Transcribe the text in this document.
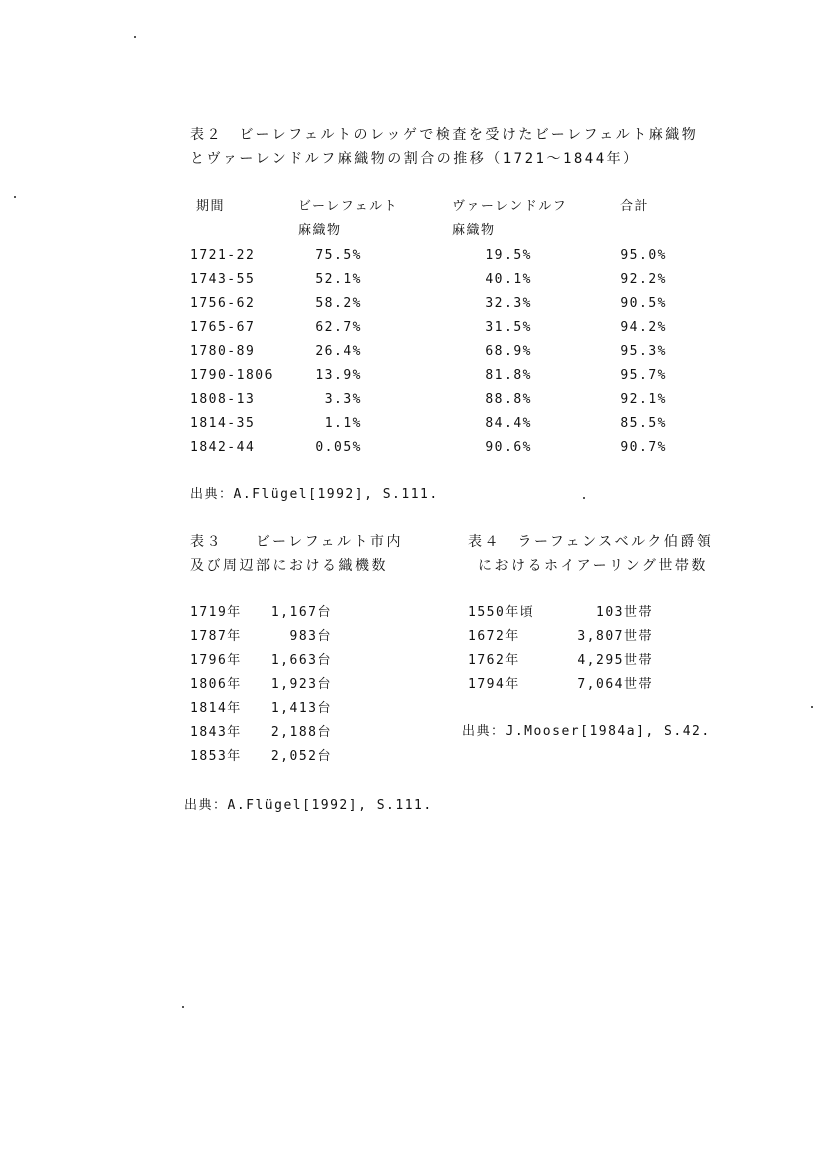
表２　ビーレフェルトのレッゲで検査を受けたビーレフェルト麻織物
とヴァーレンドルフ麻織物の割合の推移（1721～1844年）
期間	ビーレフェルト
麻織物
ヴァーレンドルフ
麻織物
合計
1721-22	75.5%	19.5%	95.0%
1743-55	52.1%	40.1%	92.2%
1756-62	58.2%	32.3%	90.5%
1765-67	62.7%	31.5%	94.2%
1780-89	26.4%	68.9%	95.3%
1790-1806	13.9%	81.8%	95.7%
1808-13	3.3%	88.8%	92.1%
1814-35	1.1%	84.4%	85.5%
1842-44	0.05%	90.6%	90.7%
出典：A.Flügel[1992], S.111.
表３　　ビーレフェルト市内
及び周辺部における織機数
表４　ラーフェンスベルク伯爵領
におけるホイアーリング世帯数
1719年	1,167台
1787年	983台
1796年	1,663台
1806年	1,923台
1814年	1,413台
1843年	2,188台
1853年	2,052台
1550年頃	103世帯
1672年	3,807世帯
1762年	4,295世帯
1794年	7,064世帯
出典：J.Mooser[1984a], S.42.
出典：A.Flügel[1992], S.111.
